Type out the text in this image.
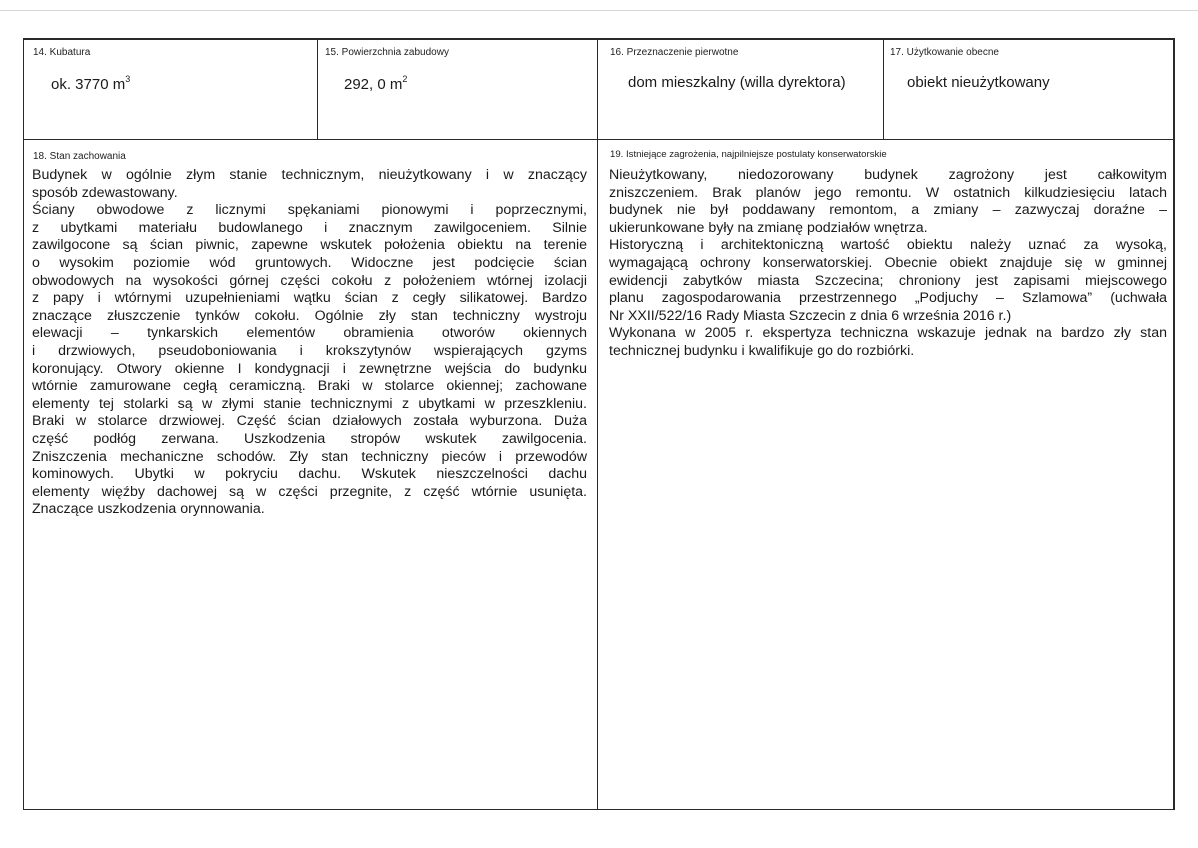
14. Kubatura
ok. 3770 $m^3$
15. Powierzchnia zabudowy
292, 0 $m^2$
16. Przeznaczenie pierwotne
dom mieszkalny (willa dyrektora)
17. Użytkowanie obecne
obiekt nieużytkowany
18. Stan zachowania
Budynek w ogólnie złym stanie technicznym, nieużytkowany i w znaczący
sposób zdewastowany.
Ściany obwodowe z licznymi spękaniami pionowymi i poprzecznymi,
z ubytkami materiału budowlanego i znacznym zawilgoceniem. Silnie
zawilgocone są ścian piwnic, zapewne wskutek położenia obiektu na terenie
o wysokim poziomie wód gruntowych. Widoczne jest podcięcie ścian
obwodowych na wysokości górnej części cokołu z położeniem wtórnej izolacji
z papy i wtórnymi uzupełnieniami wątku ścian z cegły silikatowej. Bardzo
znaczące złuszczenie tynków cokołu. Ogólnie zły stan techniczny wystroju
elewacji – tynkarskich elementów obramienia otworów okiennych
i drzwiowych, pseudoboniowania i krokszytynów wspierających gzyms
koronujący. Otwory okienne I kondygnacji i zewnętrzne wejścia do budynku
wtórnie zamurowane cegłą ceramiczną. Braki w stolarce okiennej; zachowane
elementy tej stolarki są w złymi stanie technicznymi z ubytkami w przeszkleniu.
Braki w stolarce drzwiowej. Część ścian działowych została wyburzona. Duża
część podłóg zerwana. Uszkodzenia stropów wskutek zawilgocenia.
Zniszczenia mechaniczne schodów. Zły stan techniczny pieców i przewodów
kominowych. Ubytki w pokryciu dachu. Wskutek nieszczelności dachu
elementy więźby dachowej są w części przegnite, z część wtórnie usunięta.
Znaczące uszkodzenia orynnowania.
19. Istniejące zagrożenia, najpilniejsze postulaty konserwatorskie
Nieużytkowany, niedozorowany budynek zagrożony jest całkowitym
zniszczeniem. Brak planów jego remontu. W ostatnich kilkudziesięciu latach
budynek nie był poddawany remontom, a zmiany – zazwyczaj doraźne –
ukierunkowane były na zmianę podziałów wnętrza.
Historyczną i architektoniczną wartość obiektu należy uznać za wysoką,
wymagającą ochrony konserwatorskiej. Obecnie obiekt znajduje się w gminnej
ewidencji zabytków miasta Szczecina; chroniony jest zapisami miejscowego
planu zagospodarowania przestrzennego „Podjuchy – Szlamowa” (uchwała
Nr XXII/522/16 Rady Miasta Szczecin z dnia 6 września 2016 r.)
Wykonana w 2005 r. ekspertyza techniczna wskazuje jednak na bardzo zły stan
technicznej budynku i kwalifikuje go do rozbiórki.
